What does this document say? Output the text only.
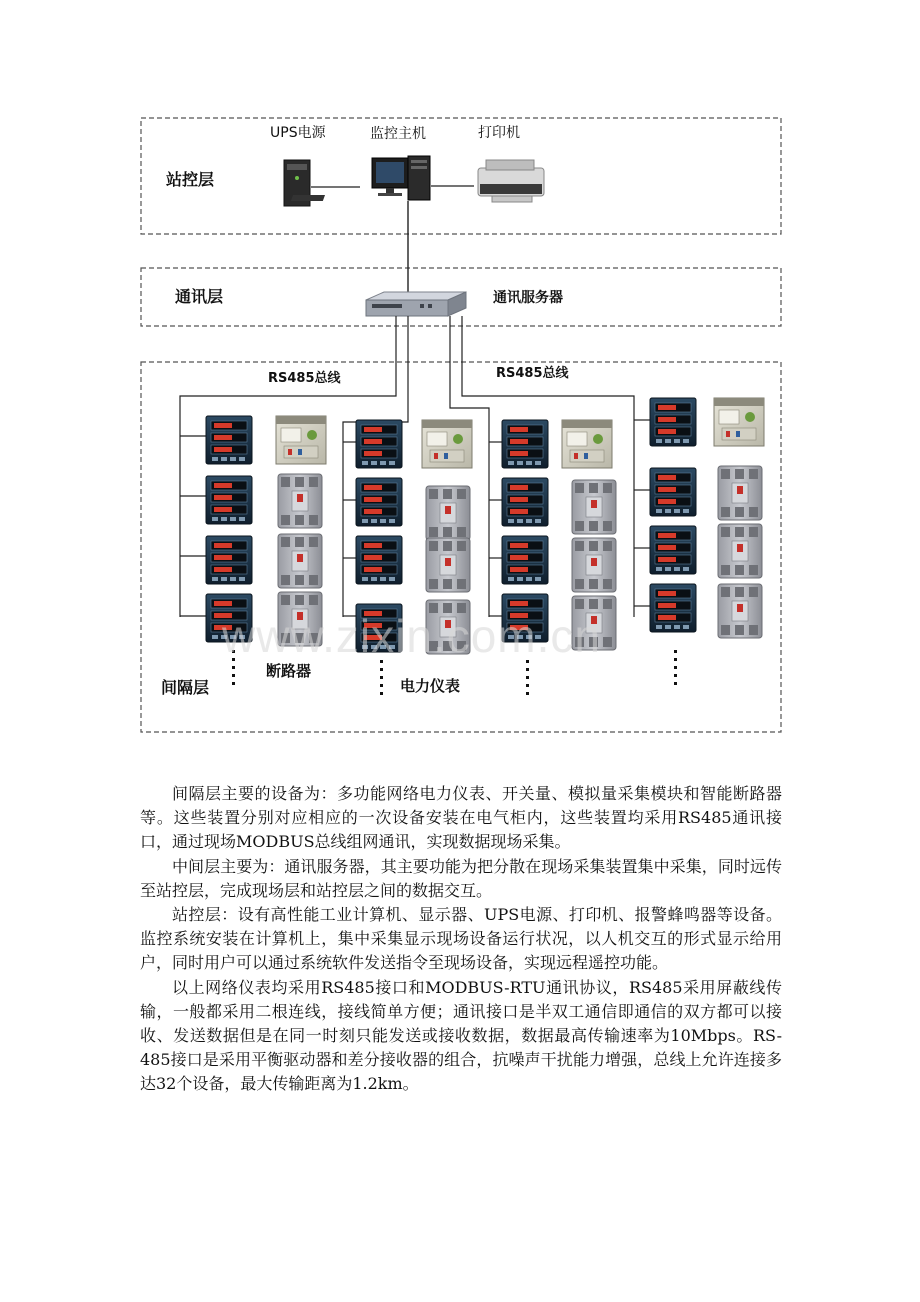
站控层
通讯层
间隔层
UPS电源	监控主机	打印机
通讯服务器
RS485总线	RS485总线
断路器
电力仪表
www.zixin.com.cn

间隔层主要的设备为：多功能网络电力仪表、开关量、模拟量采集模块和智能断路器等。这些装置分别对应相应的一次设备安装在电气柜内，这些装置均采用RS485通讯接口，通过现场MODBUS总线组网通讯，实现数据现场采集。

中间层主要为：通讯服务器，其主要功能为把分散在现场采集装置集中采集，同时远传至站控层，完成现场层和站控层之间的数据交互。

站控层：设有高性能工业计算机、显示器、UPS电源、打印机、报警蜂鸣器等设备。监控系统安装在计算机上，集中采集显示现场设备运行状况，以人机交互的形式显示给用户，同时用户可以通过系统软件发送指令至现场设备，实现远程遥控功能。

以上网络仪表均采用RS485接口和MODBUS-RTU通讯协议，RS485采用屏蔽线传输，一般都采用二根连线，接线简单方便；通讯接口是半双工通信即通信的双方都可以接收、发送数据但是在同一时刻只能发送或接收数据，数据最高传输速率为10Mbps。RS-485接口是采用平衡驱动器和差分接收器的组合，抗噪声干扰能力增强，总线上允许连接多达32个设备，最大传输距离为1.2km。
